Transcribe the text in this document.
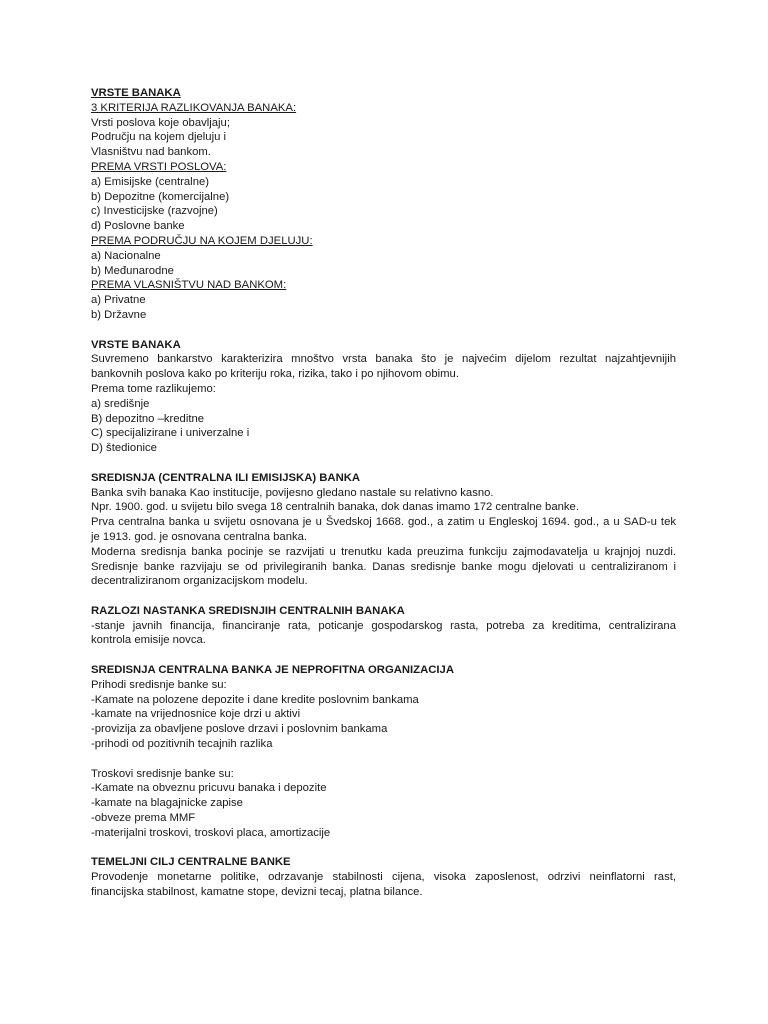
VRSTE BANAKA

3 KRITERIJA RAZLIKOVANJA BANAKA:

Vrsti poslova koje obavljaju;

Području na kojem djeluju i

Vlasništvu nad bankom.

PREMA VRSTI POSLOVA:

a) Emisijske (centralne)

b) Depozitne (komercijalne)

c) Investicijske (razvojne)

d) Poslovne banke

PREMA PODRUČJU NA KOJEM DJELUJU:

a) Nacionalne

b) Međunarodne

PREMA VLASNIŠTVU NAD BANKOM:

a) Privatne

b) Državne

VRSTE BANAKA

Suvremeno bankarstvo karakterizira mnoštvo vrsta banaka što je najvećim dijelom rezultat najzahtjevnijih

bankovnih poslova kako po kriteriju roka, rizika, tako i po njihovom obimu.

Prema tome razlikujemo:

a) središnje

B) depozitno –kreditne

C) specijalizirane i univerzalne i

D) štedionice

SREDISNJA (CENTRALNA ILI EMISIJSKA) BANKA

Banka svih banaka Kao institucije, povijesno gledano nastale su relativno kasno.

Npr. 1900. god. u svijetu bilo svega 18 centralnih banaka, dok danas imamo 172 centralne banke.

Prva centralna banka u svijetu osnovana je u Švedskoj 1668. god., a zatim u Engleskoj 1694. god., a u SAD-u tek

je 1913. god. je osnovana centralna banka.

Moderna sredisnja banka pocinje se razvijati u trenutku kada preuzima funkciju zajmodavatelja u krajnjoj nuzdi.

Sredisnje banke razvijaju se od privilegiranih banka. Danas sredisnje banke mogu djelovati u centraliziranom i

decentraliziranom organizacijskom modelu.

RAZLOZI NASTANKA SREDISNJIH CENTRALNIH BANAKA

-stanje javnih financija, financiranje rata, poticanje gospodarskog rasta, potreba za kreditima, centralizirana

kontrola emisije novca.

SREDISNJA CENTRALNA BANKA JE NEPROFITNA ORGANIZACIJA

Prihodi sredisnje banke su:

-Kamate na polozene depozite i dane kredite poslovnim bankama

-kamate na vrijednosnice koje drzi u aktivi

-provizija za obavljene poslove drzavi i poslovnim bankama

-prihodi od pozitivnih tecajnih razlika

Troskovi sredisnje banke su:

-Kamate na obveznu pricuvu banaka i depozite

-kamate na blagajnicke zapise

-obveze prema MMF

-materijalni troskovi, troskovi placa, amortizacije

TEMELJNI CILJ CENTRALNE BANKE

Provodenje monetarne politike, odrzavanje stabilnosti cijena, visoka zaposlenost, odrzivi neinflatorni rast,

financijska stabilnost, kamatne stope, devizni tecaj, platna bilance.
